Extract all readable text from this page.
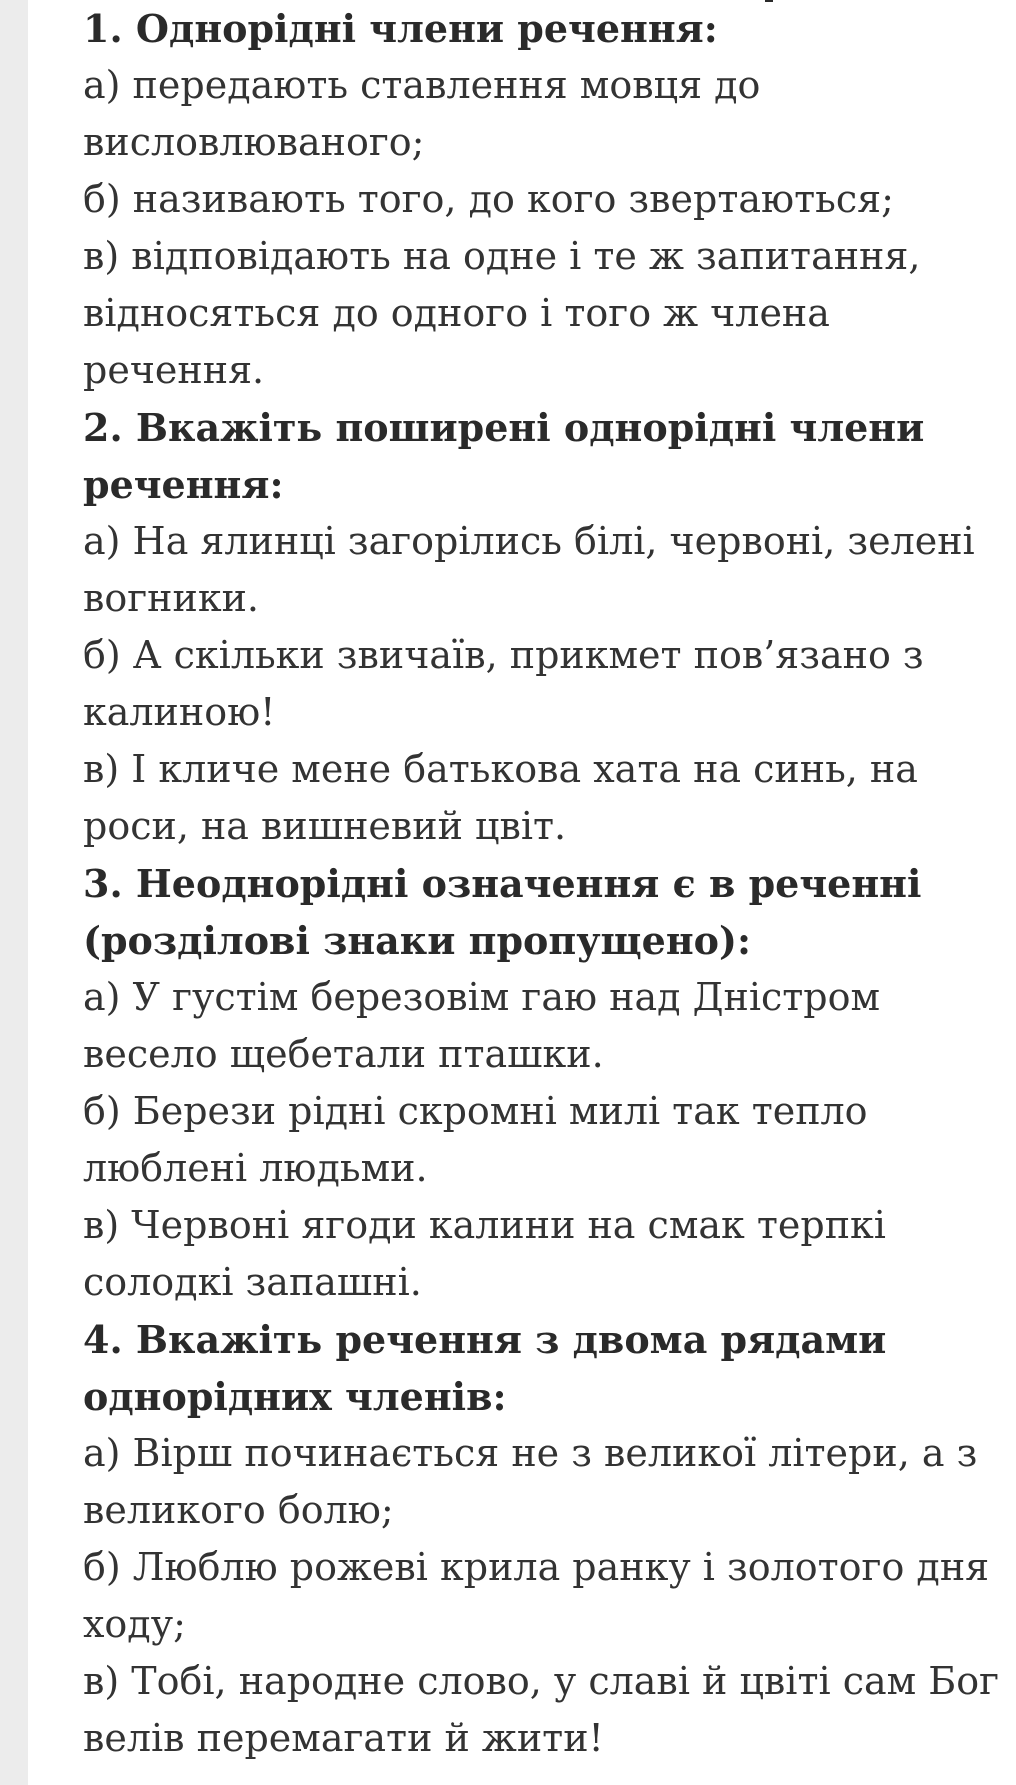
1. Однорідні члени речення:
а) передають ставлення мовця до
висловлюваного;
б) називають того, до кого звертаються;
в) відповідають на одне і те ж запитання,
відносяться до одного і того ж члена
речення.
2. Вкажіть поширені однорідні члени
речення:
а) На ялинці загорілись білі, червоні, зелені
вогники.
б) А скільки звичаїв, прикмет пов’язано з
калиною!
в) І кличе мене батькова хата на синь, на
роси, на вишневий цвіт.
3. Неоднорідні означення є в реченні
(розділові знаки пропущено):
а) У густім березовім гаю над Дністром
весело щебетали пташки.
б) Берези рідні скромні милі так тепло
люблені людьми.
в) Червоні ягоди калини на смак терпкі
солодкі запашні.
4. Вкажіть речення з двома рядами
однорідних членів:
а) Вірш починається не з великої літери, а з
великого болю;
б) Люблю рожеві крила ранку і золотого дня
ходу;
в) Тобі, народне слово, у славі й цвіті сам Бог
велів перемагати й жити!
